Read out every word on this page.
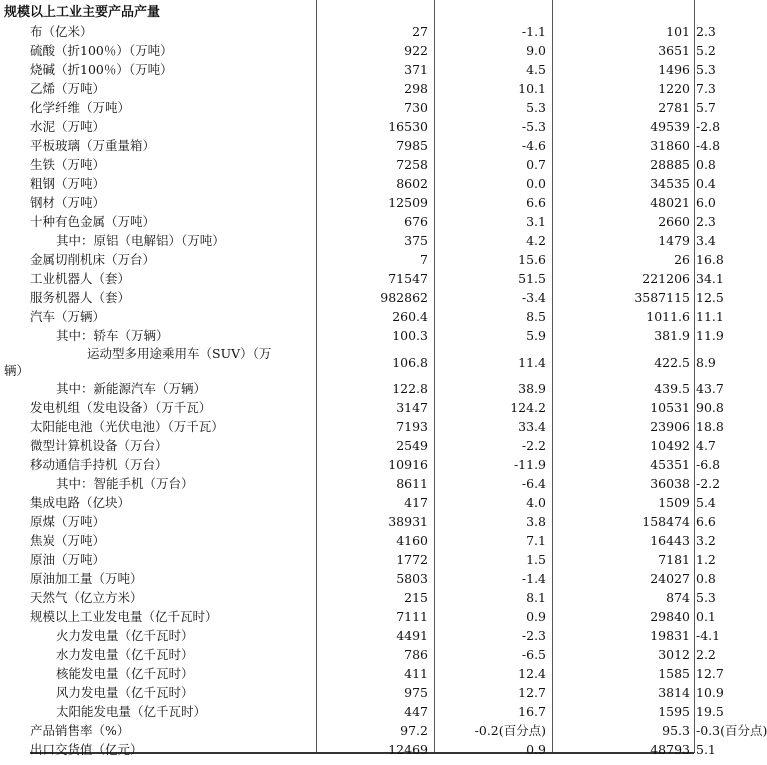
规模以上工业主要产品产量				
布（亿米）	27	-1.1	101	2.3
硫酸（折100％）（万吨）	922	9.0	3651	5.2
烧碱（折100％）（万吨）	371	4.5	1496	5.3
乙烯（万吨）	298	10.1	1220	7.3
化学纤维（万吨）	730	5.3	2781	5.7
水泥（万吨）	16530	-5.3	49539	-2.8
平板玻璃（万重量箱）	7985	-4.6	31860	-4.8
生铁（万吨）	7258	0.7	28885	0.8
粗钢（万吨）	8602	0.0	34535	0.4
钢材（万吨）	12509	6.6	48021	6.0
十种有色金属（万吨）	676	3.1	2660	2.3
其中：原铝（电解铝）（万吨）	375	4.2	1479	3.4
金属切削机床（万台）	7	15.6	26	16.8
工业机器人（套）	71547	51.5	221206	34.1
服务机器人（套）	982862	-3.4	3587115	12.5
汽车（万辆）	260.4	8.5	1011.6	11.1
其中：轿车（万辆）	100.3	5.9	381.9	11.9

运动型多用途乘用车（SUV）（万
辆）	106.8	11.4	422.5	8.9
其中：新能源汽车（万辆）	122.8	38.9	439.5	43.7
发电机组（发电设备）（万千瓦）	3147	124.2	10531	90.8
太阳能电池（光伏电池）（万千瓦）	7193	33.4	23906	18.8
微型计算机设备（万台）	2549	-2.2	10492	4.7
移动通信手持机（万台）	10916	-11.9	45351	-6.8
其中：智能手机（万台）	8611	-6.4	36038	-2.2
集成电路（亿块）	417	4.0	1509	5.4
原煤（万吨）	38931	3.8	158474	6.6
焦炭（万吨）	4160	7.1	16443	3.2
原油（万吨）	1772	1.5	7181	1.2
原油加工量（万吨）	5803	-1.4	24027	0.8
天然气（亿立方米）	215	8.1	874	5.3
规模以上工业发电量（亿千瓦时）	7111	0.9	29840	0.1
火力发电量（亿千瓦时）	4491	-2.3	19831	-4.1
水力发电量（亿千瓦时）	786	-6.5	3012	2.2
核能发电量（亿千瓦时）	411	12.4	1585	12.7
风力发电量（亿千瓦时）	975	12.7	3814	10.9
太阳能发电量（亿千瓦时）	447	16.7	1595	19.5
产品销售率（%）	97.2	-0.2(百分点)	95.3	-0.3(百分点)
出口交货值（亿元）	12469	0.9	48793	5.1
